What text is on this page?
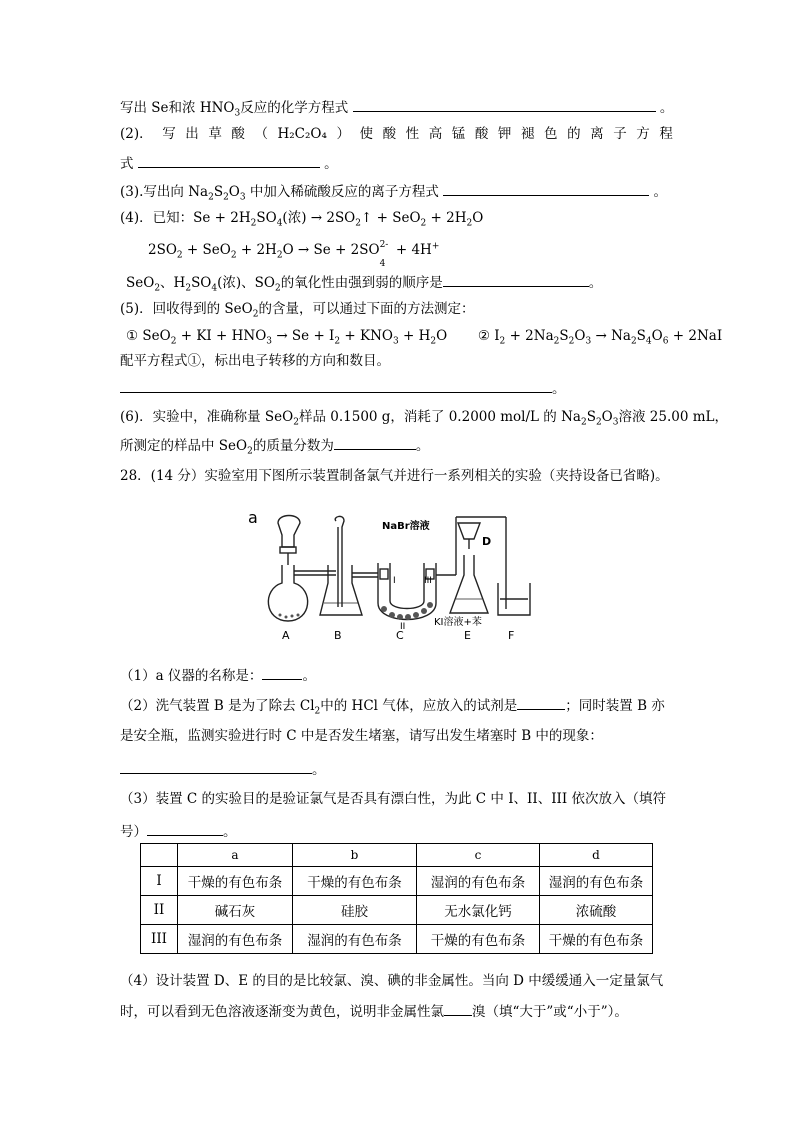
写出 Se和浓 $HNO_3$反应的化学方程式	。
(2)． 写 出 草 酸 （ H₂C₂O₄ ） 使 酸 性 高 锰 酸 钾 褪 色 的 离 子 方 程
式	。
(3).写出向 $Na_2S_2O_3$ 中加入稀硫酸反应的离子方程式	。
(4)．已知：$Se + 2H_2SO_4$(浓) → $2SO_2↑ + SeO_2 + 2H_2O$
$2SO_2 + SeO_2 + 2H_2O \to Se + 2SO$ 2-
4
+ 4H+
SeO$_2$、$H_2SO_4$(浓)、$SO_2$的氧化性由强到弱的顺序是	。
(5)．回收得到的 SeO$_2$的含量，可以通过下面的方法测定：
① SeO$_2$ + KI + $HNO_3 \to Se + I_2 + KNO_3 + H_2O$ ② $I_2 + 2Na_2S_2O_3 \to Na_2S_4O_6 + 2NaI$
配平方程式①，标出电子转移的方向和数目。
。
(6)．实验中，准确称量 SeO$_2$样品 0.1500 g，消耗了 0.2000 mol/L 的 $Na_2S_2O_3$溶液 25.00 mL，
所测定的样品中 SeO$_2$的质量分数为	。
28．(14 分）实验室用下图所示装置制备氯气并进行一系列相关的实验（夹持设备已省略)。
a	NaBr溶液
D
I	III
II	KI溶液+苯
A	B	C	E	F
（1）a 仪器的名称是：	。
（2）洗气装置 B 是为了除去 $Cl_2$中的 HCl 气体，应放入的试剂是	；同时装置 B 亦
是安全瓶，监测实验进行时 C 中是否发生堵塞，请写出发生堵塞时 B 中的现象：
。
（3）装置 C 的实验目的是验证氯气是否具有漂白性，为此 C 中 I、II、III 依次放入（填符
号）	。
	a	b	c	d
I	干燥的有色布条	干燥的有色布条	湿润的有色布条	湿润的有色布条
II	碱石灰	硅胶	无水氯化钙	浓硫酸
III	湿润的有色布条	湿润的有色布条	干燥的有色布条	干燥的有色布条
（4）设计装置 D、E 的目的是比较氯、溴、碘的非金属性。当向 D 中缓缓通入一定量氯气
时，可以看到无色溶液逐渐变为黄色，说明非金属性氯 溴（填“大于”或“小于”）。
